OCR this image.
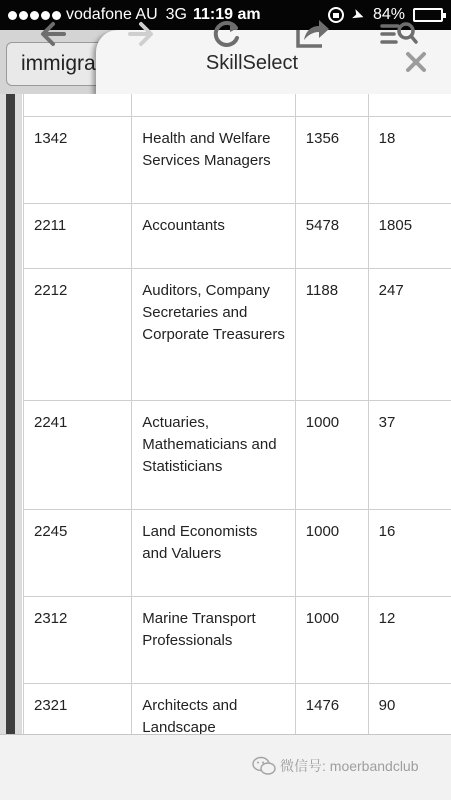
vodafone AU 3G 11:19 am	➤ 84%
immigra	SkillSelect

1342	Health and Welfare Services Managers	1356	18
2211	Accountants	5478	1805
2212	Auditors, Company Secretaries and Corporate Treasurers	1188	247
2241	Actuaries, Mathematicians and Statisticians	1000	37
2245	Land Economists and Valuers	1000	16
2312	Marine Transport Professionals	1000	12
2321	Architects and Landscape	1476	90
微信号: moerbandclub
